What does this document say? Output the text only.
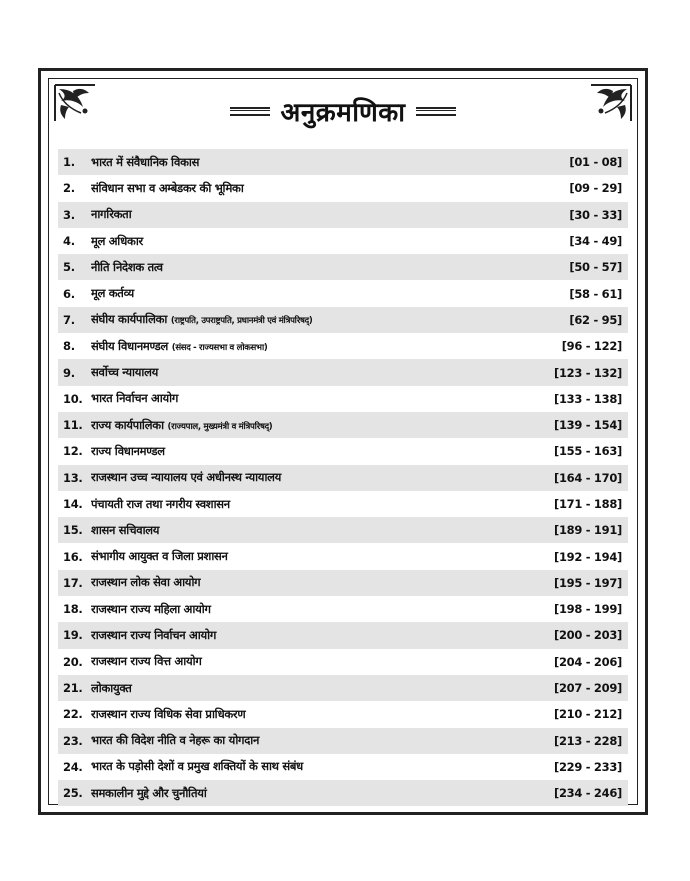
अनुक्रमणिका
1.	भारत में संवैधानिक विकास	[01 - 08]
2.	संविधान सभा व अम्बेडकर की भूमिका	[09 - 29]
3.	नागरिकता	[30 - 33]
4.	मूल अधिकार	[34 - 49]
5.	नीति निदेशक तत्व	[50 - 57]
6.	मूल कर्तव्य	[58 - 61]
7.	संघीय कार्यपालिका (राष्ट्रपति, उपराष्ट्रपति, प्रधानमंत्री एवं मंत्रिपरिषद्)	[62 - 95]
8.	संघीय विधानमण्डल (संसद - राज्यसभा व लोकसभा)	[96 - 122]
9.	सर्वोच्च न्यायालय	[123 - 132]
10. भारत निर्वाचन आयोग	[133 - 138]
11. राज्य कार्यपालिका (राज्यपाल, मुख्यमंत्री व मंत्रिपरिषद्)	[139 - 154]
12. राज्य विधानमण्डल	[155 - 163]
13. राजस्थान उच्च न्यायालय एवं अधीनस्थ न्यायालय	[164 - 170]
14. पंचायती राज तथा नगरीय स्वशासन	[171 - 188]
15. शासन सचिवालय	[189 - 191]
16. संभागीय आयुक्त व जिला प्रशासन	[192 - 194]
17. राजस्थान लोक सेवा आयोग	[195 - 197]
18. राजस्थान राज्य महिला आयोग	[198 - 199]
19. राजस्थान राज्य निर्वाचन आयोग	[200 - 203]
20. राजस्थान राज्य वित्त आयोग	[204 - 206]
21. लोकायुक्त	[207 - 209]
22. राजस्थान राज्य विधिक सेवा प्राधिकरण	[210 - 212]
23. भारत की विदेश नीति व नेहरू का योगदान	[213 - 228]
24. भारत के पड़ोसी देशों व प्रमुख शक्तियों के साथ संबंध	[229 - 233]
25. समकालीन मुद्दे और चुनौतियां	[234 - 246]
